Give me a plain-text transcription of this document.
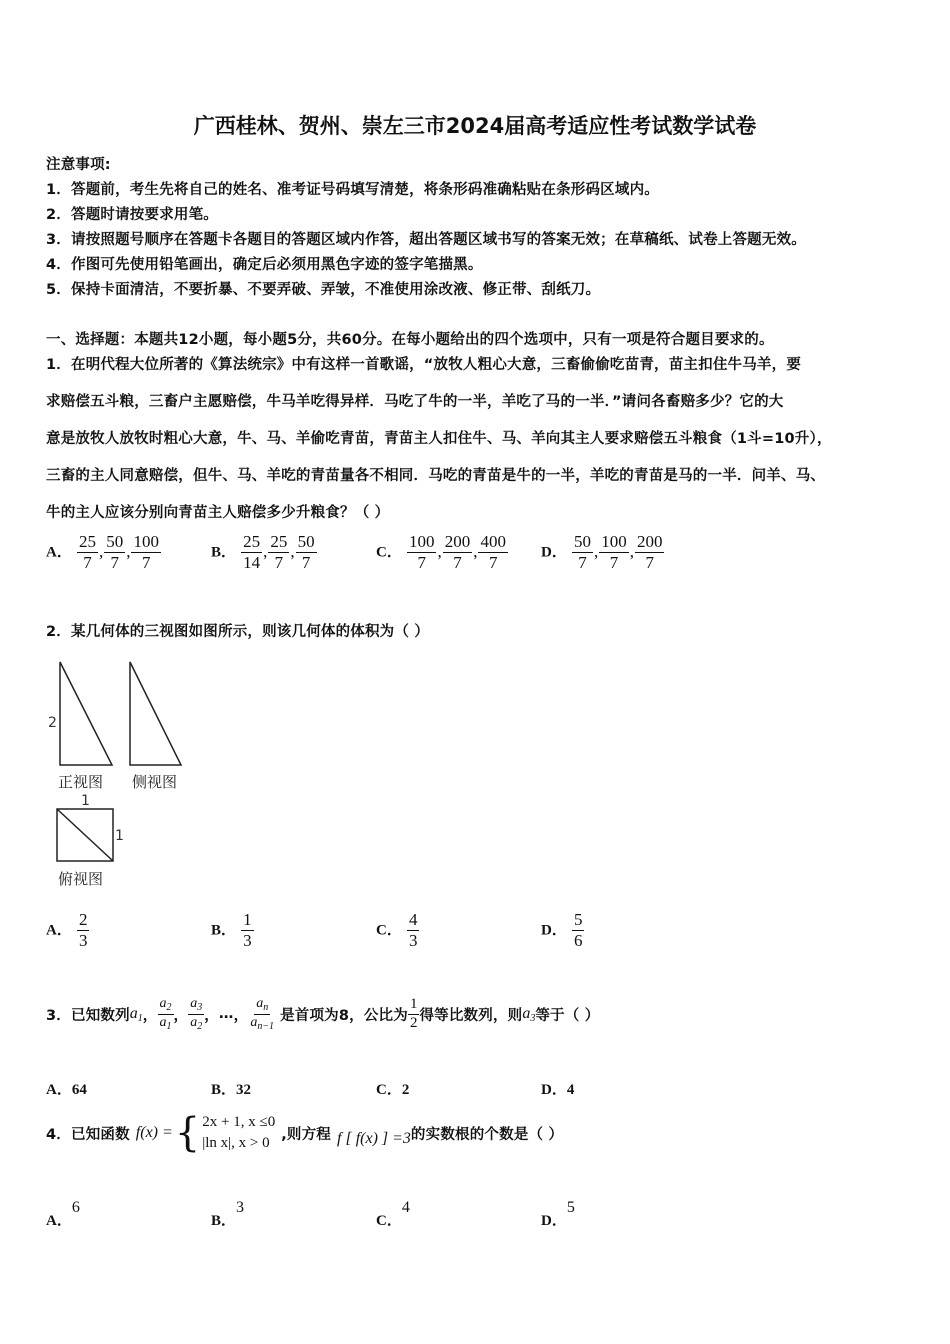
广西桂林、贺州、崇左三市2024届高考适应性考试数学试卷
注意事项:
1．答题前，考生先将自己的姓名、准考证号码填写清楚，将条形码准确粘贴在条形码区域内。
2．答题时请按要求用笔。
3．请按照题号顺序在答题卡各题目的答题区域内作答，超出答题区域书写的答案无效；在草稿纸、试卷上答题无效。
4．作图可先使用铅笔画出，确定后必须用黑色字迹的签字笔描黑。
5．保持卡面清洁，不要折暴、不要弄破、弄皱，不准使用涂改液、修正带、刮纸刀。
一、选择题：本题共12小题，每小题5分，共60分。在每小题给出的四个选项中，只有一项是符合题目要求的。
1．在明代程大位所著的《算法统宗》中有这样一首歌谣，“放牧人粗心大意，三畜偷偷吃苗青，苗主扣住牛马羊，要
求赔偿五斗粮，三畜户主愿赔偿，牛马羊吃得异样．马吃了牛的一半，羊吃了马的一半．”请问各畜赔多少？它的大
意是放牧人放牧时粗心大意，牛、马、羊偷吃青苗，青苗主人扣住牛、马、羊向其主人要求赔偿五斗粮食（1斗=10升），
三畜的主人同意赔偿，但牛、马、羊吃的青苗量各不相同．马吃的青苗是牛的一半，羊吃的青苗是马的一半．问羊、马、
牛的主人应该分别向青苗主人赔偿多少升粮食？（ ）
A． $\frac{25}{7}$ , $\frac{50}{7}$ , $\frac{100}{7}$	B． $\frac{25}{14}$ , $\frac{25}{7}$ , $\frac{50}{7}$	C． $\frac{100}{7}$ , $\frac{200}{7}$ , $\frac{400}{7}$ D． $\frac{50}{7}$ , $\frac{100}{7}$ , $\frac{200}{7}$
2．某几何体的三视图如图所示，则该几何体的体积为（ ）
2
正视图 侧视图
1
1
俯视图
A． $\frac{2}{3}$	B． $\frac{1}{3}$	C． $\frac{4}{3}$	D． $\frac{5}{6}$
3．已知数列 $a_1$ ， $\frac{a_2}{a_1}$ ， $\frac{a_3}{a_2}$ ， … ， $\frac{a_n}{a_{n-1}}$ 是首项为8，公比为 $\frac{1}{2}$ 得等比数列，则 $a_3$ 等于（ ）
A．64	B．32	C．2	D．4
4．已知函数 f(x) = { 2x + 1, x ≤0
|ln x|, x > 0
,则方程 f [ f(x) ] =3 的实数根的个数是（ ）
A．6
B．3
C．4
D．5
